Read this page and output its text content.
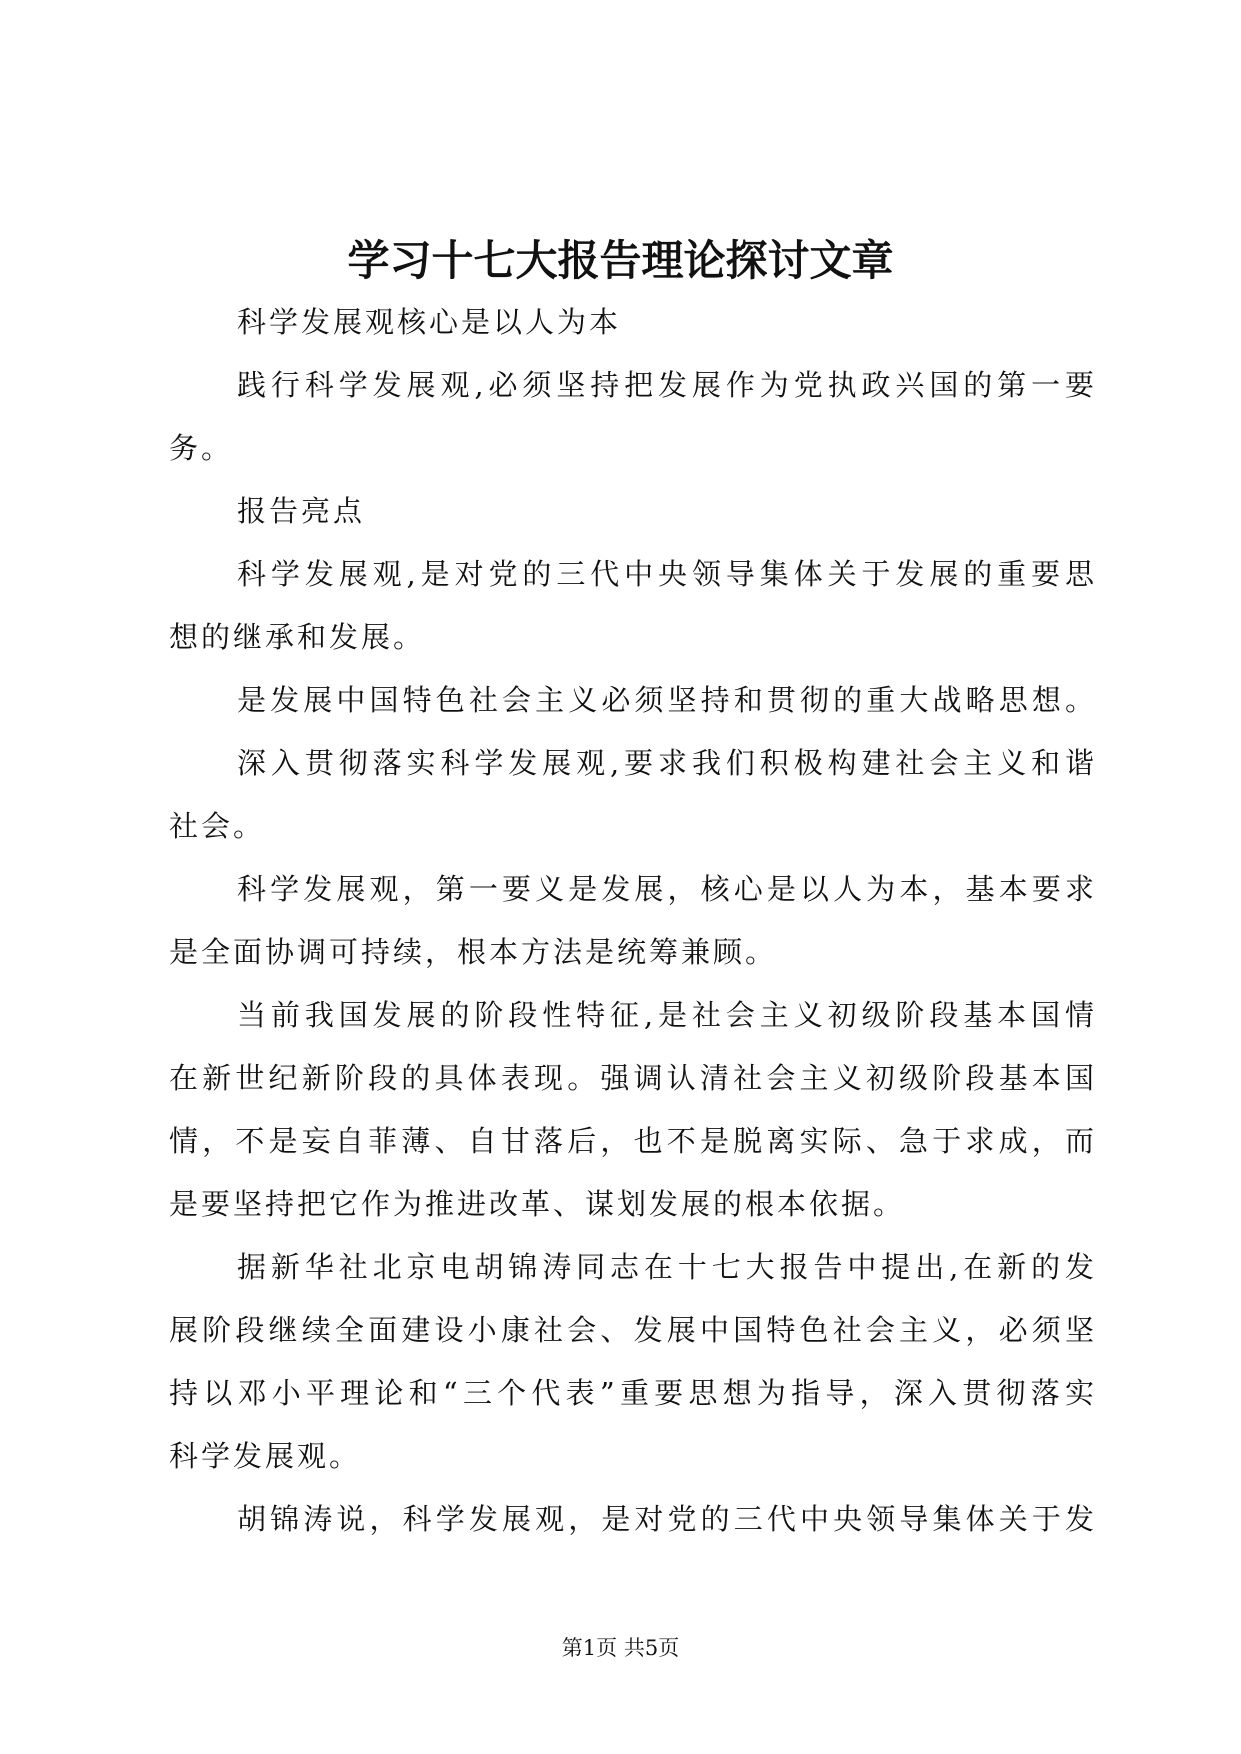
学习十七大报告理论探讨文章
科学发展观核心是以人为本
践行科学发展观,必须坚持把发展作为党执政兴国的第一要
务。
报告亮点
科学发展观,是对党的三代中央领导集体关于发展的重要思
想的继承和发展。
是发展中国特色社会主义必须坚持和贯彻的重大战略思想。
深入贯彻落实科学发展观,要求我们积极构建社会主义和谐
社会。
科学发展观，第一要义是发展，核心是以人为本，基本要求
是全面协调可持续，根本方法是统筹兼顾。
当前我国发展的阶段性特征,是社会主义初级阶段基本国情
在新世纪新阶段的具体表现。强调认清社会主义初级阶段基本国
情，不是妄自菲薄、自甘落后，也不是脱离实际、急于求成，而
是要坚持把它作为推进改革、谋划发展的根本依据。
据新华社北京电胡锦涛同志在十七大报告中提出,在新的发
展阶段继续全面建设小康社会、发展中国特色社会主义，必须坚
持以邓小平理论和“三个代表”重要思想为指导，深入贯彻落实
科学发展观。
胡锦涛说，科学发展观，是对党的三代中央领导集体关于发
第1页 共5页
